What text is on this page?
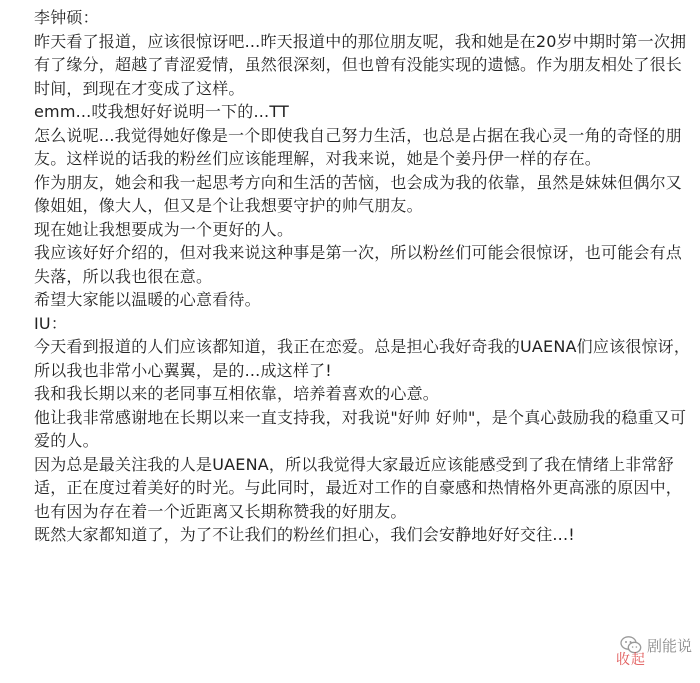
李钟硕：

昨天看了报道，应该很惊讶吧...昨天报道中的那位朋友呢，我和她是在20岁中期时第一次拥有了缘分，超越了青涩爱情，虽然很深刻，但也曾有没能实现的遗憾。作为朋友相处了很长时间，到现在才变成了这样。

emm...哎我想好好说明一下的...TT

怎么说呢...我觉得她好像是一个即使我自己努力生活，也总是占据在我心灵一角的奇怪的朋友。这样说的话我的粉丝们应该能理解，对我来说，她是个姜丹伊一样的存在。

作为朋友，她会和我一起思考方向和生活的苦恼，也会成为我的依靠，虽然是妹妹但偶尔又像姐姐，像大人，但又是个让我想要守护的帅气朋友。

现在她让我想要成为一个更好的人。

我应该好好介绍的，但对我来说这种事是第一次，所以粉丝们可能会很惊讶，也可能会有点失落，所以我也很在意。

希望大家能以温暖的心意看待。

IU：

今天看到报道的人们应该都知道，我正在恋爱。总是担心我好奇我的UAENA们应该很惊讶，所以我也非常小心翼翼，是的...成这样了!

我和我长期以来的老同事互相依靠，培养着喜欢的心意。

他让我非常感谢地在长期以来一直支持我，对我说"好帅 好帅"，是个真心鼓励我的稳重又可爱的人。

因为总是最关注我的人是UAENA，所以我觉得大家最近应该能感受到了我在情绪上非常舒适，正在度过着美好的时光。与此同时，最近对工作的自豪感和热情格外更高涨的原因中，也有因为存在着一个近距离又长期称赞我的好朋友。

既然大家都知道了，为了不让我们的粉丝们担心，我们会安静地好好交往...!

剧能说
收起
